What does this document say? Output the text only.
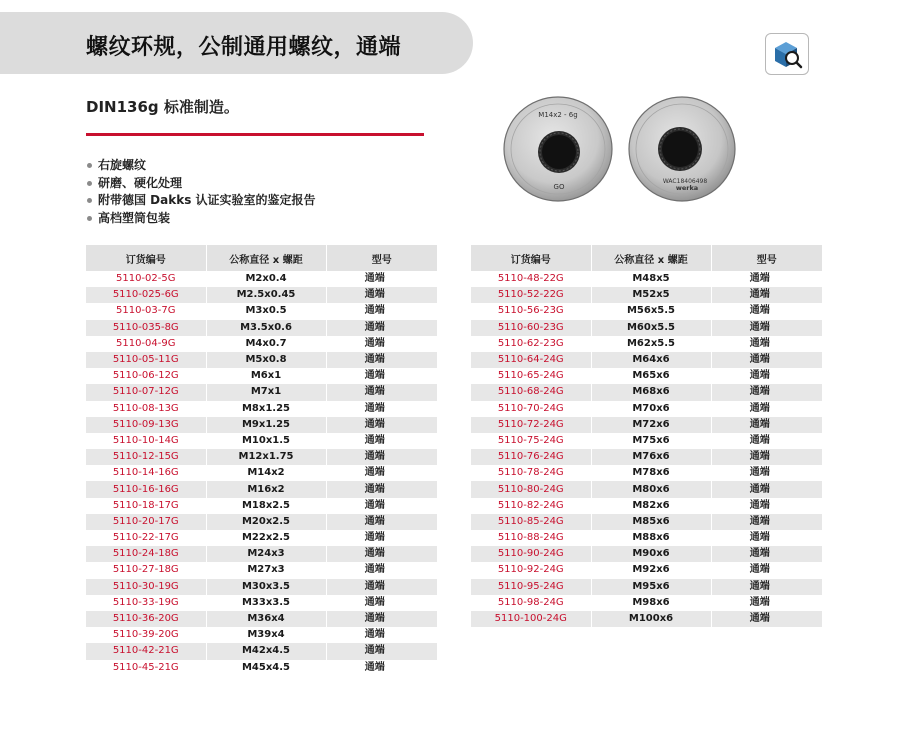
螺纹环规，公制通用螺纹，通端
DIN136g 标准制造。
右旋螺纹
研磨、硬化处理
附带德国 Dakks 认证实验室的鉴定报告
高档塑筒包装
M14x2 - 6g
GO
WAC18406498
werka
订货编号	公称直径 x 螺距	型号
5110-02-5G	M2x0.4	通端
5110-025-6G	M2.5x0.45	通端
5110-03-7G	M3x0.5	通端
5110-035-8G	M3.5x0.6	通端
5110-04-9G	M4x0.7	通端
5110-05-11G	M5x0.8	通端
5110-06-12G	M6x1	通端
5110-07-12G	M7x1	通端
5110-08-13G	M8x1.25	通端
5110-09-13G	M9x1.25	通端
5110-10-14G	M10x1.5	通端
5110-12-15G	M12x1.75	通端
5110-14-16G	M14x2	通端
5110-16-16G	M16x2	通端
5110-18-17G	M18x2.5	通端
5110-20-17G	M20x2.5	通端
5110-22-17G	M22x2.5	通端
5110-24-18G	M24x3	通端
5110-27-18G	M27x3	通端
5110-30-19G	M30x3.5	通端
5110-33-19G	M33x3.5	通端
5110-36-20G	M36x4	通端
5110-39-20G	M39x4	通端
5110-42-21G	M42x4.5	通端
5110-45-21G	M45x4.5	通端
订货编号	公称直径 x 螺距	型号
5110-48-22G	M48x5	通端
5110-52-22G	M52x5	通端
5110-56-23G	M56x5.5	通端
5110-60-23G	M60x5.5	通端
5110-62-23G	M62x5.5	通端
5110-64-24G	M64x6	通端
5110-65-24G	M65x6	通端
5110-68-24G	M68x6	通端
5110-70-24G	M70x6	通端
5110-72-24G	M72x6	通端
5110-75-24G	M75x6	通端
5110-76-24G	M76x6	通端
5110-78-24G	M78x6	通端
5110-80-24G	M80x6	通端
5110-82-24G	M82x6	通端
5110-85-24G	M85x6	通端
5110-88-24G	M88x6	通端
5110-90-24G	M90x6	通端
5110-92-24G	M92x6	通端
5110-95-24G	M95x6	通端
5110-98-24G	M98x6	通端
5110-100-24G	M100x6	通端
